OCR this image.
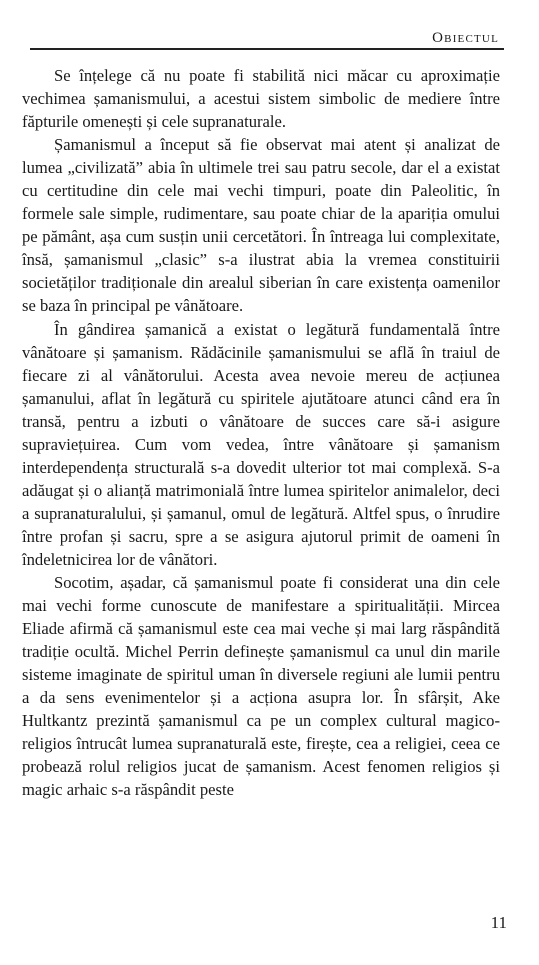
Obiectul

Se înțelege că nu poate fi stabilită nici măcar cu aproximație vechimea șamanismului, a acestui sistem simbolic de mediere între făpturile omenești și cele supranaturale.

Șamanismul a început să fie observat mai atent și analizat de lumea „civilizată” abia în ultimele trei sau patru secole, dar el a existat cu certitudine din cele mai vechi timpuri, poate din Paleolitic, în formele sale simple, rudimentare, sau poate chiar de la apariția omului pe pământ, așa cum susțin unii cercetători. În întreaga lui complexitate, însă, șamanismul „clasic” s-a ilustrat abia la vremea constituirii societăților tradiționale din arealul siberian în care existența oamenilor se baza în principal pe vânătoare.

În gândirea șamanică a existat o legătură fundamentală între vânătoare și șamanism. Rădăcinile șamanismului se află în traiul de fiecare zi al vânătorului. Acesta avea nevoie mereu de acțiunea șamanului, aflat în legătură cu spiritele ajutătoare atunci când era în transă, pentru a izbuti o vânătoare de succes care să-i asigure supraviețuirea. Cum vom vedea, între vânătoare și șamanism interdependența structurală s-a dovedit ulterior tot mai complexă. S-a adăugat și o alianță matrimonială între lumea spiritelor animalelor, deci a supranaturalului, și șamanul, omul de legătură. Altfel spus, o înrudire între profan și sacru, spre a se asigura ajutorul primit de oameni în îndeletnicirea lor de vânători.

Socotim, așadar, că șamanismul poate fi considerat una din cele mai vechi forme cunoscute de manifestare a spiritualității. Mircea Eliade afirmă că șamanismul este cea mai veche și mai larg răspândită tradiție ocultă. Michel Perrin definește șamanismul ca unul din marile sisteme imaginate de spiritul uman în diversele regiuni ale lumii pentru a da sens evenimentelor și a acționa asupra lor. În sfârșit, Ake Hultkantz prezintă șamanismul ca pe un complex cultural magico-religios întrucât lumea supranaturală este, firește, cea a religiei, ceea ce probează rolul religios jucat de șamanism. Acest fenomen religios și magic arhaic s-a răspândit peste

11
